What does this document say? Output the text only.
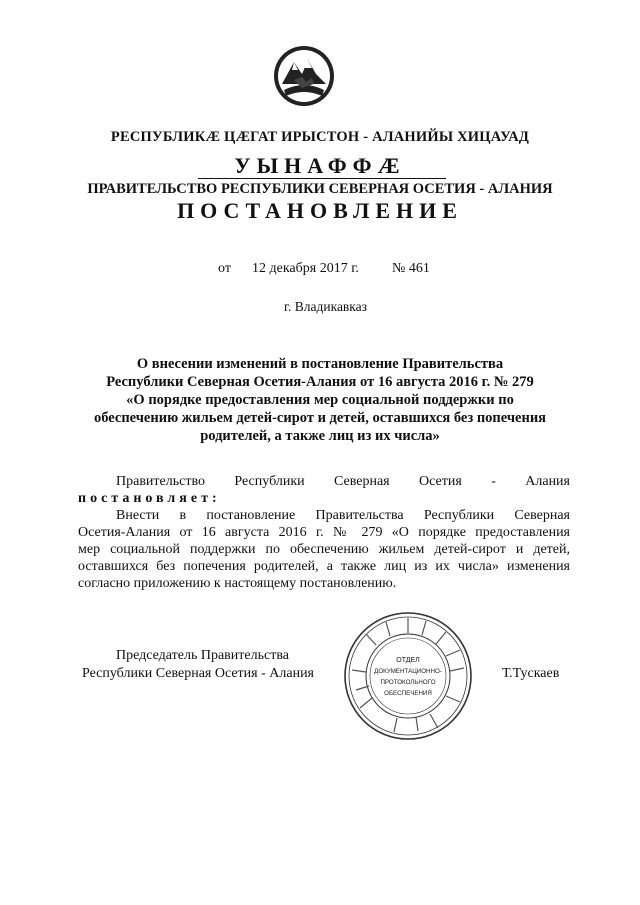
РЕСПУБЛИКÆ ЦÆГАТ ИРЫСТОН - АЛАНИЙЫ ХИЦАУАД
УЫНАФФÆ
ПРАВИТЕЛЬСТВО РЕСПУБЛИКИ СЕВЕРНАЯ ОСЕТИЯ - АЛАНИЯ
ПОСТАНОВЛЕНИЕ
от 12 декабря 2017 г. № 461
г. Владикавказ
О внесении изменений в постановление Правительства
Республики Северная Осетия-Алания от 16 августа 2016 г. № 279
«О порядке предоставления мер социальной поддержки по
обеспечению жильем детей-сирот и детей, оставшихся без попечения
родителей, а также лиц из их числа»
Правительство Республики Северная Осетия - Алания
постановляет:
Внести в постановление Правительства Республики Северная
Осетия-Алания от 16 августа 2016 г. № 279 «О порядке предоставления
мер социальной поддержки по обеспечению жильем детей-сирот и детей,
оставшихся без попечения родителей, а также лиц из их числа» изменения
согласно приложению к настоящему постановлению.
Председатель Правительства
Республики Северная Осетия - Алания	Т.Тускаев
ОТДЕЛ
ДОКУМЕНТАЦИОННО-
ПРОТОКОЛЬНОГО
ОБЕСПЕЧЕНИЯ
